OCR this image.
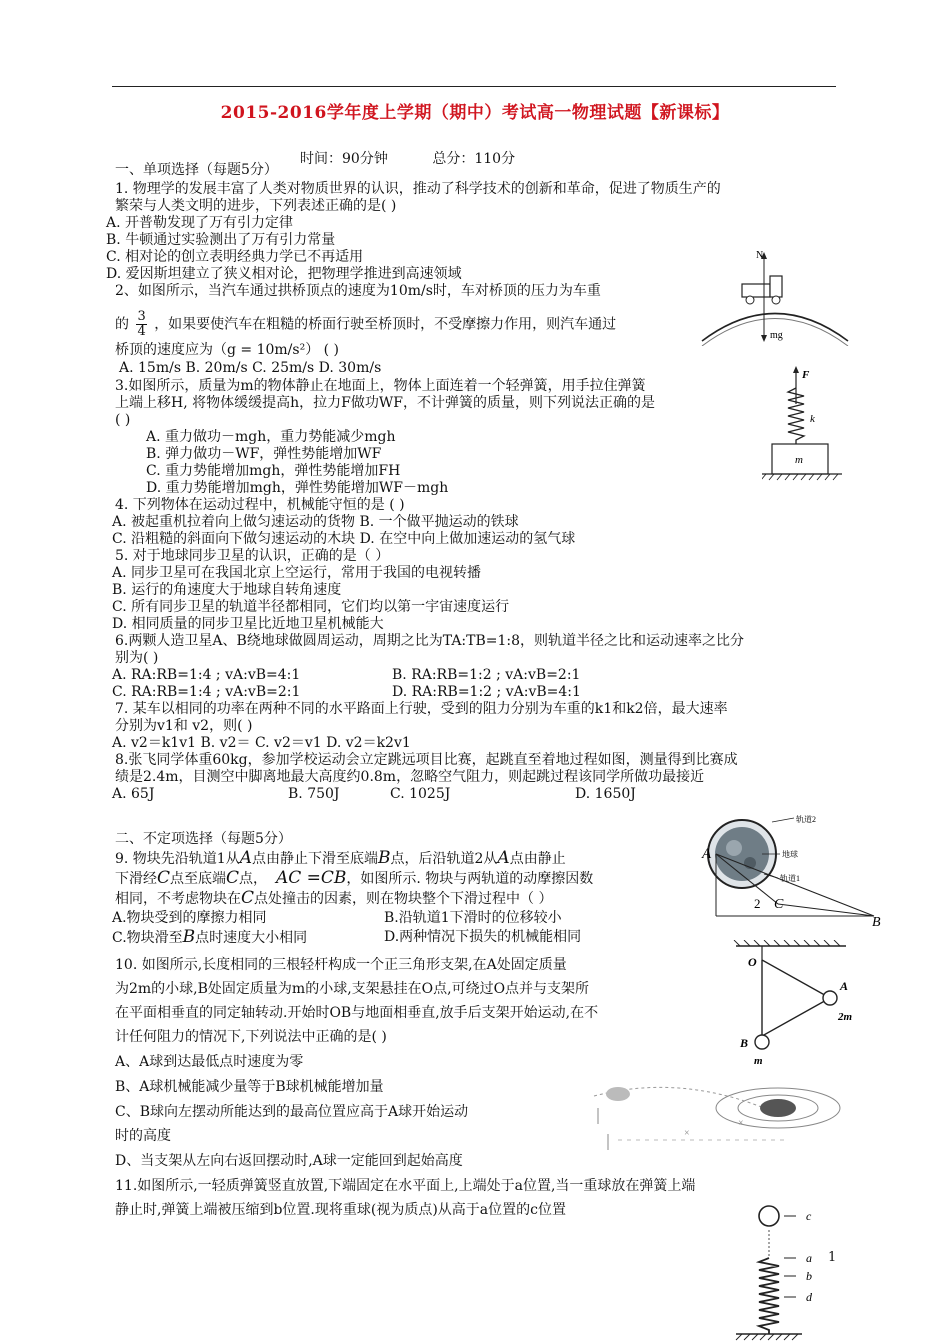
2015-2016学年度上学期（期中）考试高一物理试题【新课标】
时间：90分钟	总分：110分
一、单项选择（每题5分）
1. 物理学的发展丰富了人类对物质世界的认识，推动了科学技术的创新和革命，促进了物质生产的
繁荣与人类文明的进步，下列表述正确的是( )
A. 开普勒发现了万有引力定律
B. 牛顿通过实验测出了万有引力常量
C. 相对论的创立表明经典力学已不再适用
D. 爱因斯坦建立了狭义相对论，把物理学推进到高速领域
2、如图所示，当汽车通过拱桥顶点的速度为10m/s时，车对桥顶的压力为车重
的 $\frac{3}{4}$ ，如果要使汽车在粗糙的桥面行驶至桥顶时，不受摩擦力作用，则汽车通过
桥顶的速度应为（g = 10m/s²） ( )
A. 15m/s B. 20m/s C. 25m/s D. 30m/s
3.如图所示，质量为m的物体静止在地面上，物体上面连着一个轻弹簧，用手拉住弹簧
上端上移H, 将物体缓缓提高h，拉力F做功WF，不计弹簧的质量，则下列说法正确的是
( )
A. 重力做功－mgh，重力势能减少mgh
B. 弹力做功－WF，弹性势能增加WF
C. 重力势能增加mgh，弹性势能增加FH
D. 重力势能增加mgh，弹性势能增加WF－mgh
4. 下列物体在运动过程中，机械能守恒的是 ( )
A. 被起重机拉着向上做匀速运动的货物 B. 一个做平抛运动的铁球
C. 沿粗糙的斜面向下做匀速运动的木块 D. 在空中向上做加速运动的氢气球
5. 对于地球同步卫星的认识，正确的是（ ）
A. 同步卫星可在我国北京上空运行，常用于我国的电视转播
B. 运行的角速度大于地球自转角速度
C. 所有同步卫星的轨道半径都相同，它们均以第一宇宙速度运行
D. 相同质量的同步卫星比近地卫星机械能大
6.两颗人造卫星A、B绕地球做圆周运动，周期之比为TA:TB=1:8，则轨道半径之比和运动速率之比分
别为( )
A. RA:RB=1:4 ; vA:vB=4:1	B. RA:RB=1:2 ; vA:vB=2:1
C. RA:RB=1:4 ; vA:vB=2:1	D. RA:RB=1:2 ; vA:vB=4:1
7. 某车以相同的功率在两种不同的水平路面上行驶，受到的阻力分别为车重的k1和k2倍，最大速率
分别为v1和 v2，则( )
A. v2＝k1v1 B. v2＝ C. v2＝v1 D. v2＝k2v1
8.张飞同学体重60kg，参加学校运动会立定跳远项目比赛，起跳直至着地过程如图，测量得到比赛成
绩是2.4m，目测空中脚离地最大高度约0.8m，忽略空气阻力，则起跳过程该同学所做功最接近
A. 65J	B. 750J	C. 1025J	D. 1650J
二、不定项选择（每题5分）
9. 物块先沿轨道1从A点由静止下滑至底端B点，后沿轨道2从A点由静止
下滑经C点至底端C点， AC =CB，如图所示. 物块与两轨道的动摩擦因数
相同，不考虑物块在C点处撞击的因素，则在物块整个下滑过程中（ ）
A.物块受到的摩擦力相同	B.沿轨道1下滑时的位移较小
C.物块滑至B点时速度大小相同	D.两种情况下损失的机械能相同
10. 如图所示,长度相同的三根轻杆构成一个正三角形支架,在A处固定质量
为2m的小球,B处固定质量为m的小球,支架悬挂在O点,可绕过O点并与支架所
在平面相垂直的同定轴转动.开始时OB与地面相垂直,放手后支架开始运动,在不
计任何阻力的情况下,下列说法中正确的是( )
A、A球到达最低点时速度为零
B、A球机械能减少量等于B球机械能增加量
C、B球向左摆动所能达到的最高位置应高于A球开始运动
时的高度
D、当支架从左向右返回摆动时,A球一定能回到起始高度
11.如图所示,一轻质弹簧竖直放置,下端固定在水平面上,上端处于a位置,当一重球放在弹簧上端
静止时,弹簧上端被压缩到b位置.现将重球(视为质点)从高于a位置的c位置
N
mg
F
k
m
轨道2
地球
轨道1
A
2 C
B
O
A
2m
B
m
×
×
c
a
b
d
1
